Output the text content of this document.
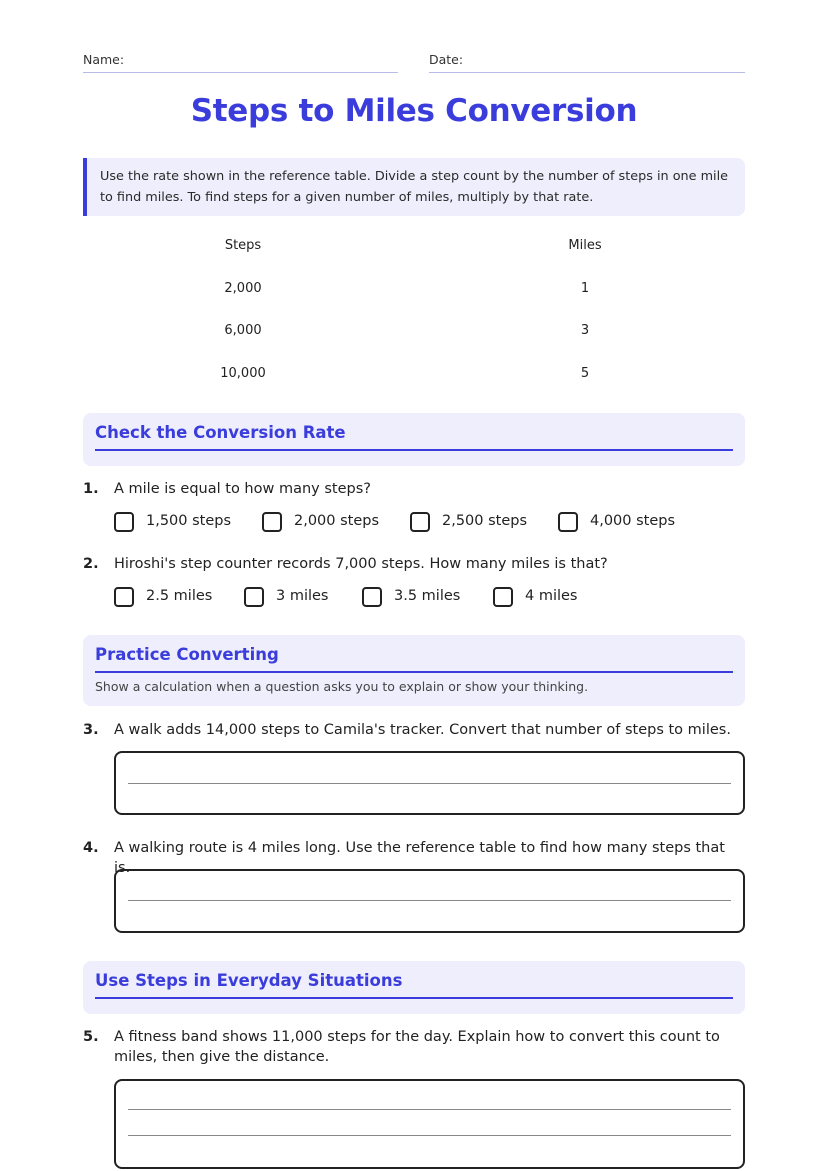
Name:	Date:
Steps to Miles Conversion
Use the rate shown in the reference table. Divide a step count by the number of steps in one mile to find miles. To find steps for a given number of miles, multiply by that rate.
Steps	Miles
2,000	1
6,000	3
10,000	5
Check the Conversion Rate
1. A mile is equal to how many steps?
1,500 steps	2,000 steps	2,500 steps	4,000 steps
2. Hiroshi's step counter records 7,000 steps. How many miles is that?
2.5 miles	3 miles	3.5 miles	4 miles
Practice Converting
Show a calculation when a question asks you to explain or show your thinking.
3. A walk adds 14,000 steps to Camila's tracker. Convert that number of steps to miles.
4. A walking route is 4 miles long. Use the reference table to find how many steps that is.
Use Steps in Everyday Situations
5. A fitness band shows 11,000 steps for the day. Explain how to convert this count to miles, then give the distance.
